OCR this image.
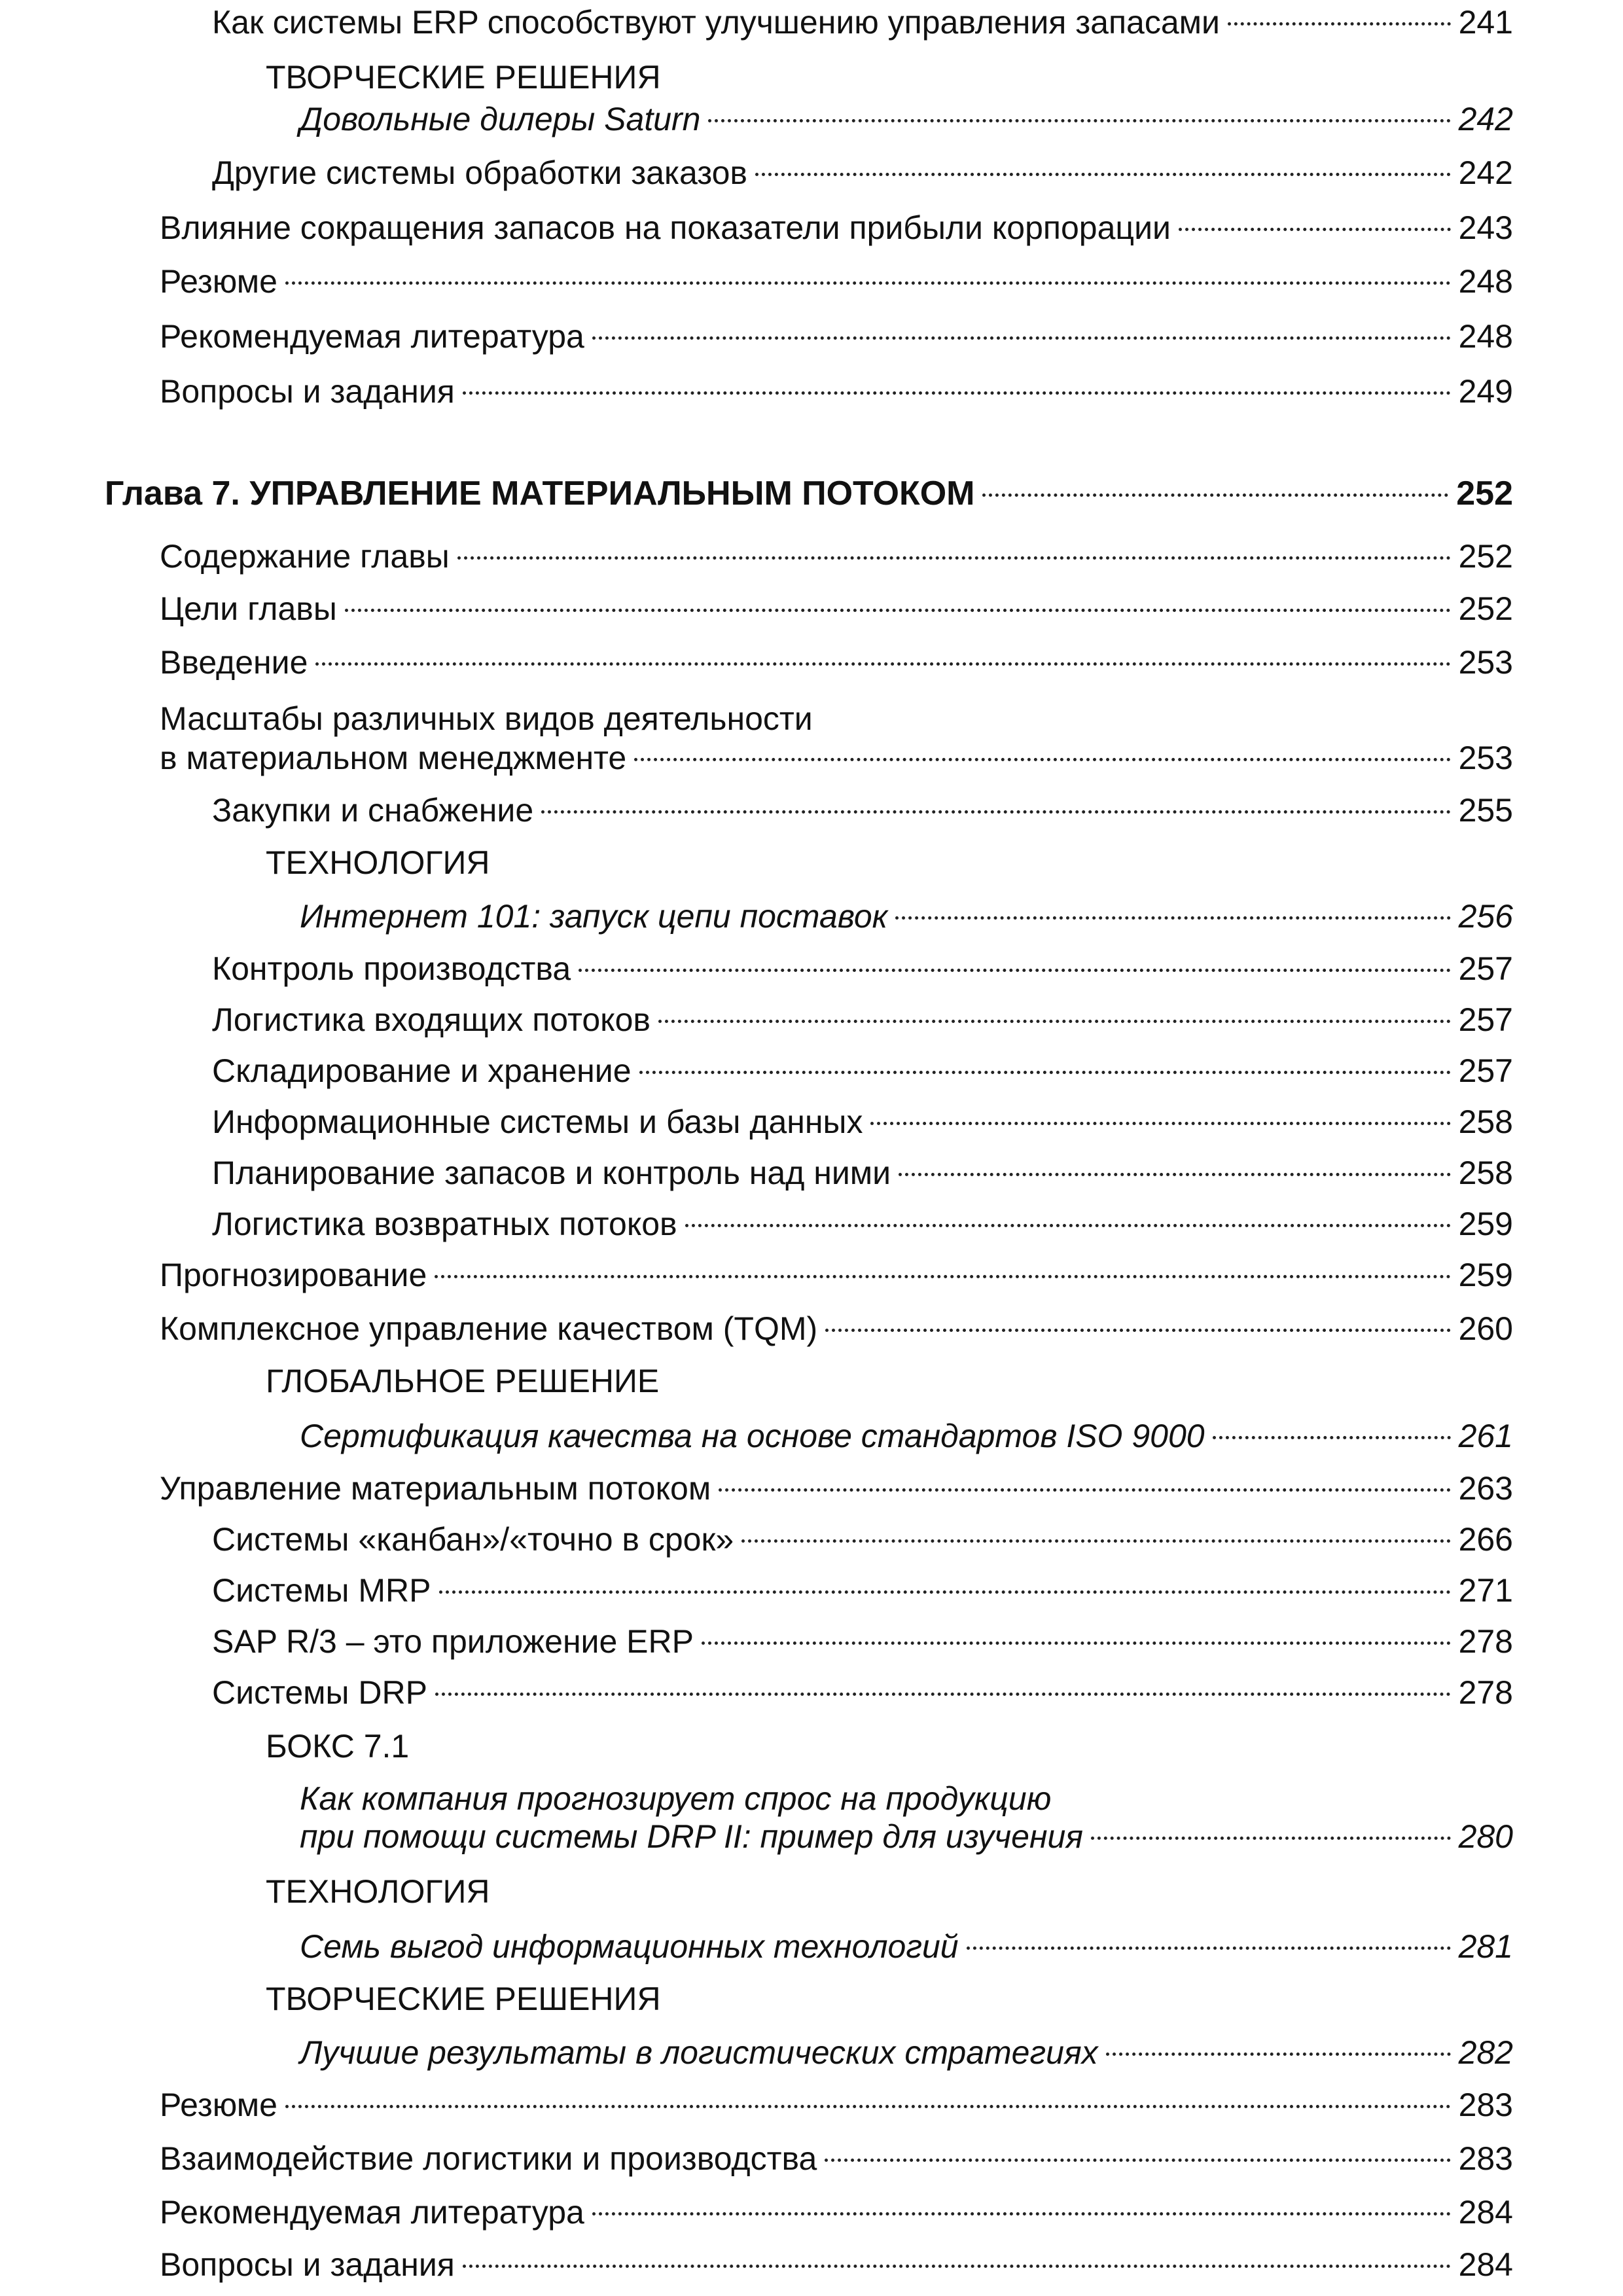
Как системы ERP способствуют улучшению управления запасами	241
ТВОРЧЕСКИЕ РЕШЕНИЯ
Довольные дилеры Saturn	242
Другие системы обработки заказов	242
Влияние сокращения запасов на показатели прибыли корпорации	243
Резюме	248
Рекомендуемая литература	248
Вопросы и задания	249
Глава 7. УПРАВЛЕНИЕ МАТЕРИАЛЬНЫМ ПОТОКОМ	252
Содержание главы	252
Цели главы	252
Введение	253
Масштабы различных видов деятельности
в материальном менеджменте	253
Закупки и снабжение	255
ТЕХНОЛОГИЯ
Интернет 101: запуск цепи поставок	256
Контроль производства	257
Логистика входящих потоков	257
Складирование и хранение	257
Информационные системы и базы данных	258
Планирование запасов и контроль над ними	258
Логистика возвратных потоков	259
Прогнозирование	259
Комплексное управление качеством (TQM)	260
ГЛОБАЛЬНОЕ РЕШЕНИЕ
Сертификация качества на основе стандартов ISO 9000	261
Управление материальным потоком	263
Системы «канбан»/«точно в срок»	266
Системы MRP	271
SAP R/3 – это приложение ERP	278
Системы DRP	278
БОКС 7.1
Как компания прогнозирует спрос на продукцию
при помощи системы DRP II: пример для изучения	280
ТЕХНОЛОГИЯ
Семь выгод информационных технологий	281
ТВОРЧЕСКИЕ РЕШЕНИЯ
Лучшие результаты в логистических стратегиях	282
Резюме	283
Взаимодействие логистики и производства	283
Рекомендуемая литература	284
Вопросы и задания	284
